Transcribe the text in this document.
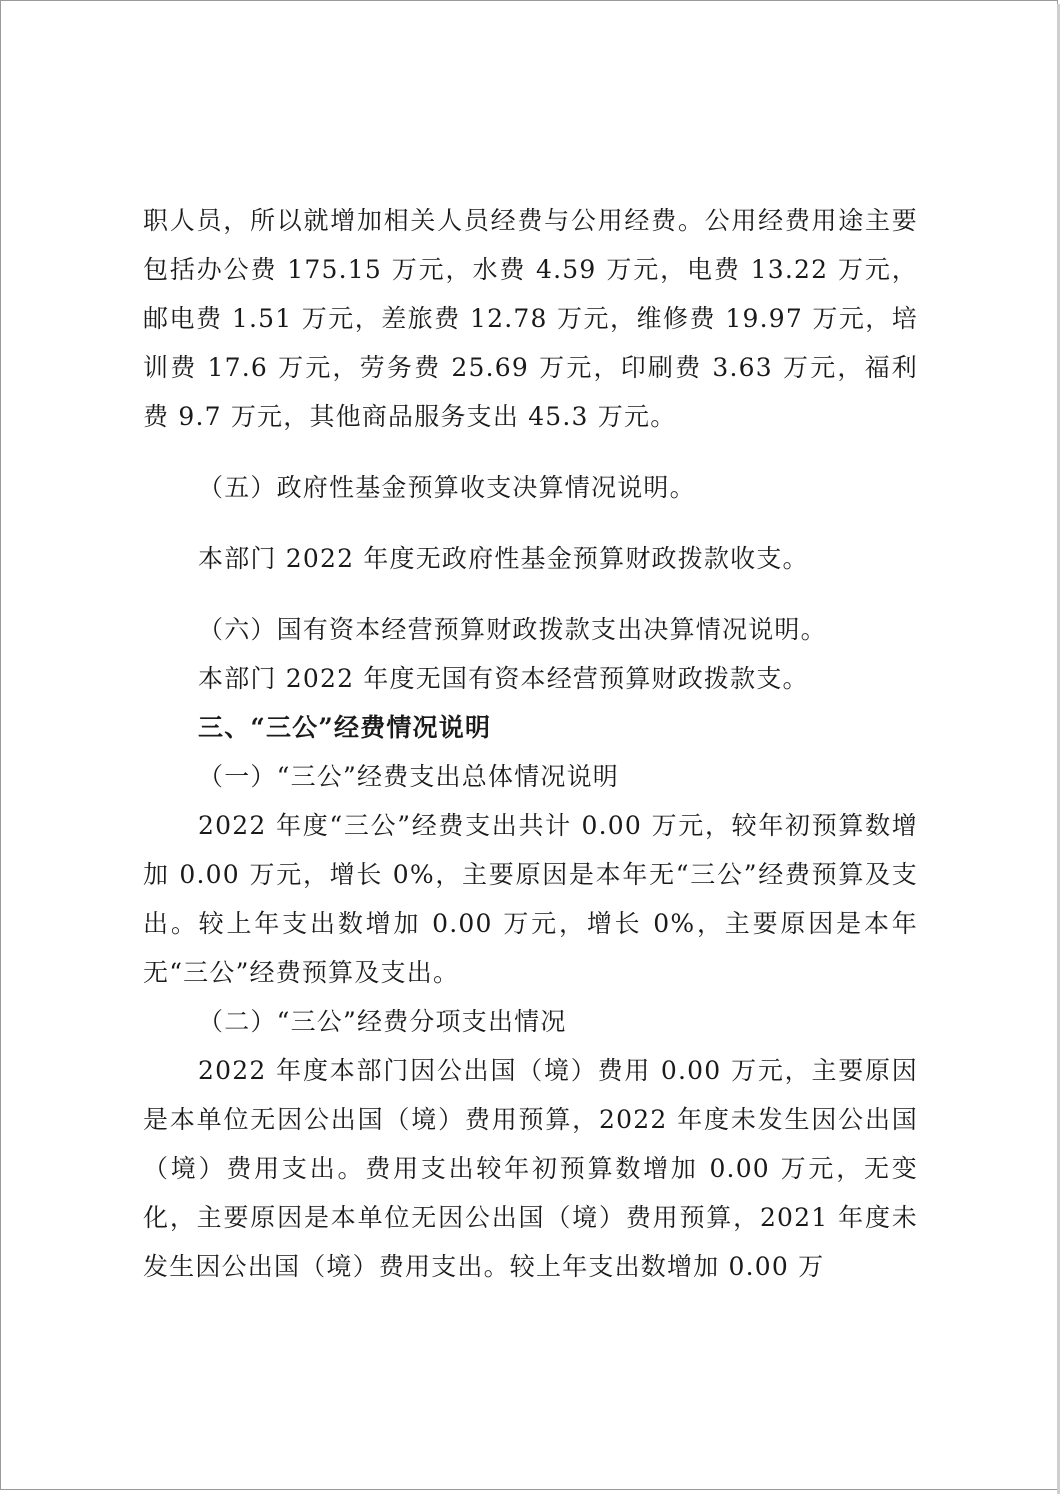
职人员，所以就增加相关人员经费与公用经费。公用经费用途主要包括办公费 175.15 万元，水费 4.59 万元，电费 13.22 万元，邮电费 1.51 万元，差旅费 12.78 万元，维修费 19.97 万元，培训费 17.6 万元，劳务费 25.69 万元，印刷费 3.63 万元，福利费 9.7 万元，其他商品服务支出 45.3 万元。

（五）政府性基金预算收支决算情况说明。

本部门 2022 年度无政府性基金预算财政拨款收支。

（六）国有资本经营预算财政拨款支出决算情况说明。

本部门 2022 年度无国有资本经营预算财政拨款支。

三、“三公”经费情况说明

（一）“三公”经费支出总体情况说明

2022 年度“三公”经费支出共计 0.00 万元，较年初预算数增加 0.00 万元，增长 0%，主要原因是本年无“三公”经费预算及支出。较上年支出数增加 0.00 万元，增长 0%，主要原因是本年无“三公”经费预算及支出。

（二）“三公”经费分项支出情况

2022 年度本部门因公出国（境）费用 0.00 万元，主要原因是本单位无因公出国（境）费用预算，2022 年度未发生因公出国（境）费用支出。费用支出较年初预算数增加 0.00 万元，无变化，主要原因是本单位无因公出国（境）费用预算，2021 年度未发生因公出国（境）费用支出。较上年支出数增加 0.00 万
